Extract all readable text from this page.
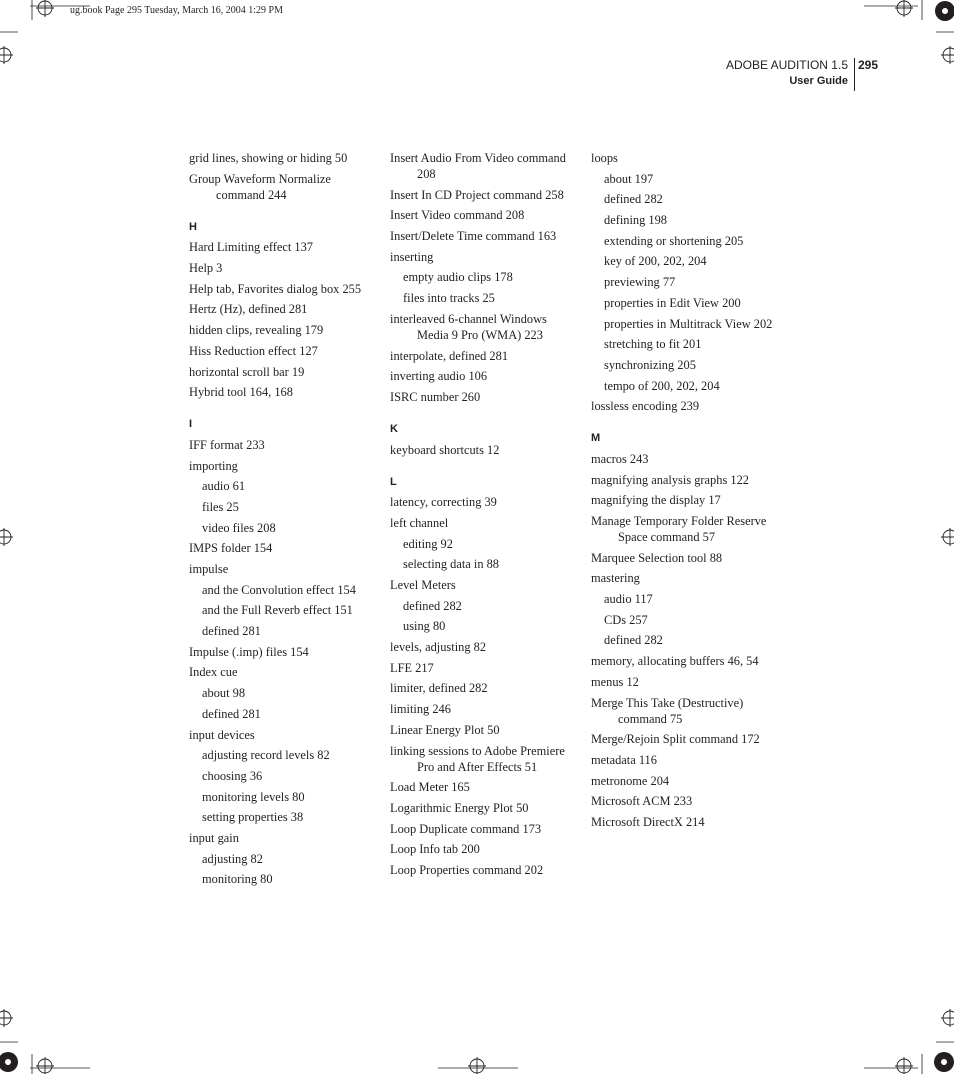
ug.book Page 295 Tuesday, March 16, 2004 1:29 PM
ADOBE AUDITION 1.5
User Guide
295
grid lines, showing or hiding 50
Group Waveform Normalize command 244
H
Hard Limiting effect 137
Help 3
Help tab, Favorites dialog box 255
Hertz (Hz), defined 281
hidden clips, revealing 179
Hiss Reduction effect 127
horizontal scroll bar 19
Hybrid tool 164, 168
I
IFF format 233
importing
audio 61
files 25
video files 208
IMPS folder 154
impulse
and the Convolution effect 154
and the Full Reverb effect 151
defined 281
Impulse (.imp) files 154
Index cue
about 98
defined 281
input devices
adjusting record levels 82
choosing 36
monitoring levels 80
setting properties 38
input gain
adjusting 82
monitoring 80
Insert Audio From Video command 208
Insert In CD Project command 258
Insert Video command 208
Insert/Delete Time command 163
inserting
empty audio clips 178
files into tracks 25
interleaved 6-channel Windows Media 9 Pro (WMA) 223
interpolate, defined 281
inverting audio 106
ISRC number 260
K
keyboard shortcuts 12
L
latency, correcting 39
left channel
editing 92
selecting data in 88
Level Meters
defined 282
using 80
levels, adjusting 82
LFE 217
limiter, defined 282
limiting 246
Linear Energy Plot 50
linking sessions to Adobe Premiere Pro and After Effects 51
Load Meter 165
Logarithmic Energy Plot 50
Loop Duplicate command 173
Loop Info tab 200
Loop Properties command 202
loops
about 197
defined 282
defining 198
extending or shortening 205
key of 200, 202, 204
previewing 77
properties in Edit View 200
properties in Multitrack View 202
stretching to fit 201
synchronizing 205
tempo of 200, 202, 204
lossless encoding 239
M
macros 243
magnifying analysis graphs 122
magnifying the display 17
Manage Temporary Folder Reserve Space command 57
Marquee Selection tool 88
mastering
audio 117
CDs 257
defined 282
memory, allocating buffers 46, 54
menus 12
Merge This Take (Destructive) command 75
Merge/Rejoin Split command 172
metadata 116
metronome 204
Microsoft ACM 233
Microsoft DirectX 214
